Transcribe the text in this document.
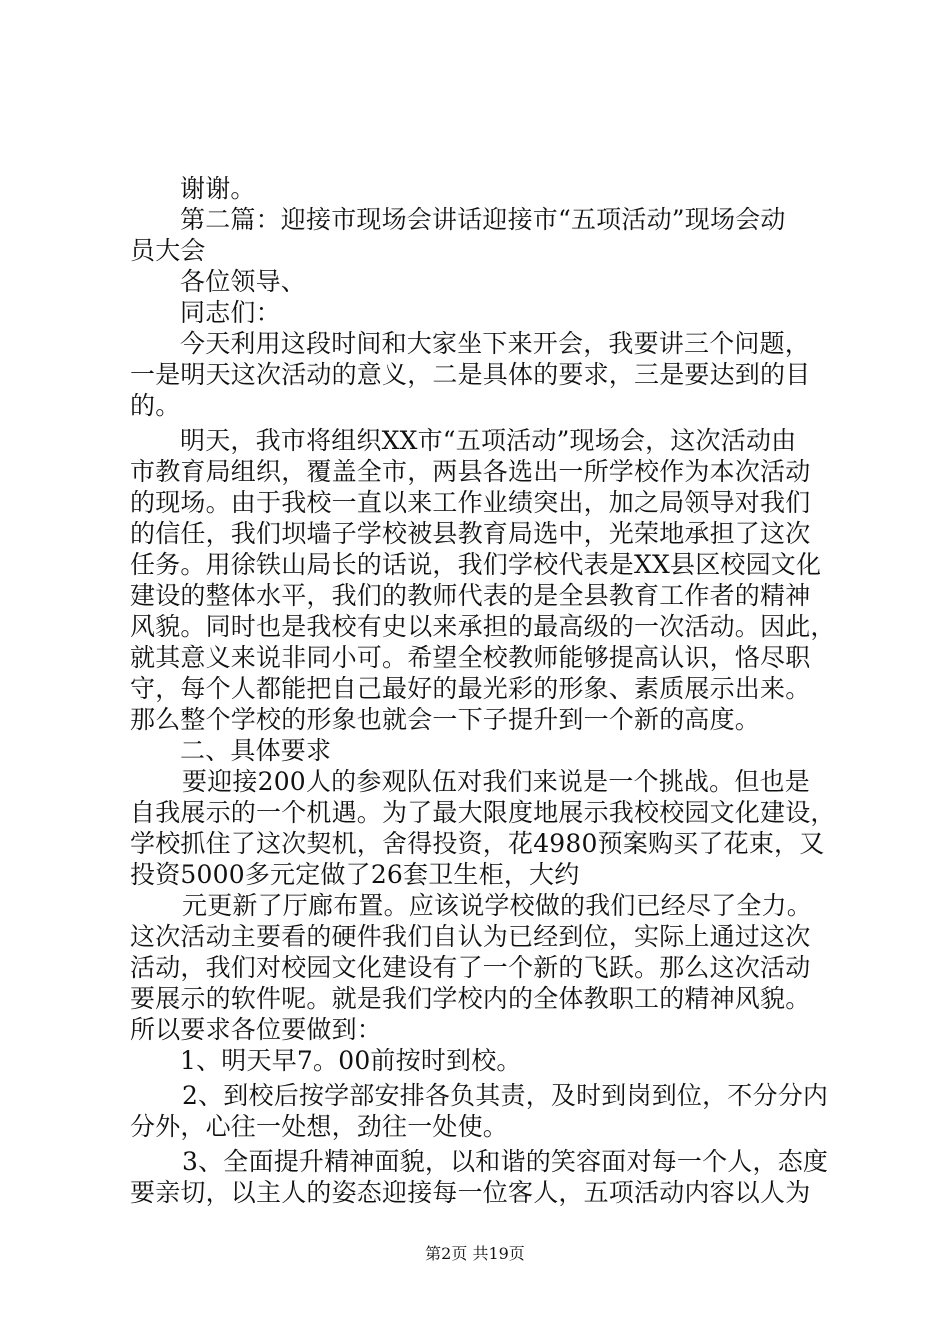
谢谢。
第二篇：迎接市现场会讲话迎接市“五项活动”现场会动
员大会
各位领导、
同志们：
今天利用这段时间和大家坐下来开会，我要讲三个问题，
一是明天这次活动的意义，二是具体的要求，三是要达到的目
的。
明天，我市将组织XX市“五项活动”现场会，这次活动由
市教育局组织，覆盖全市，两县各选出一所学校作为本次活动
的现场。由于我校一直以来工作业绩突出，加之局领导对我们
的信任，我们坝墙子学校被县教育局选中，光荣地承担了这次
任务。用徐铁山局长的话说，我们学校代表是XX县区校园文化
建设的整体水平，我们的教师代表的是全县教育工作者的精神
风貌。同时也是我校有史以来承担的最高级的一次活动。因此，
就其意义来说非同小可。希望全校教师能够提高认识，恪尽职
守，每个人都能把自己最好的最光彩的形象、素质展示出来。
那么整个学校的形象也就会一下子提升到一个新的高度。
二、具体要求
要迎接200人的参观队伍对我们来说是一个挑战。但也是
自我展示的一个机遇。为了最大限度地展示我校校园文化建设，
学校抓住了这次契机，舍得投资，花4980预案购买了花束，又
投资5000多元定做了26套卫生柜，大约
元更新了厅廊布置。应该说学校做的我们已经尽了全力。
这次活动主要看的硬件我们自认为已经到位，实际上通过这次
活动，我们对校园文化建设有了一个新的飞跃。那么这次活动
要展示的软件呢。就是我们学校内的全体教职工的精神风貌。
所以要求各位要做到：
1、明天早7。00前按时到校。
2、到校后按学部安排各负其责，及时到岗到位，不分分内
分外，心往一处想，劲往一处使。
3、全面提升精神面貌，以和谐的笑容面对每一个人，态度
要亲切，以主人的姿态迎接每一位客人，五项活动内容以人为
第2页 共19页
